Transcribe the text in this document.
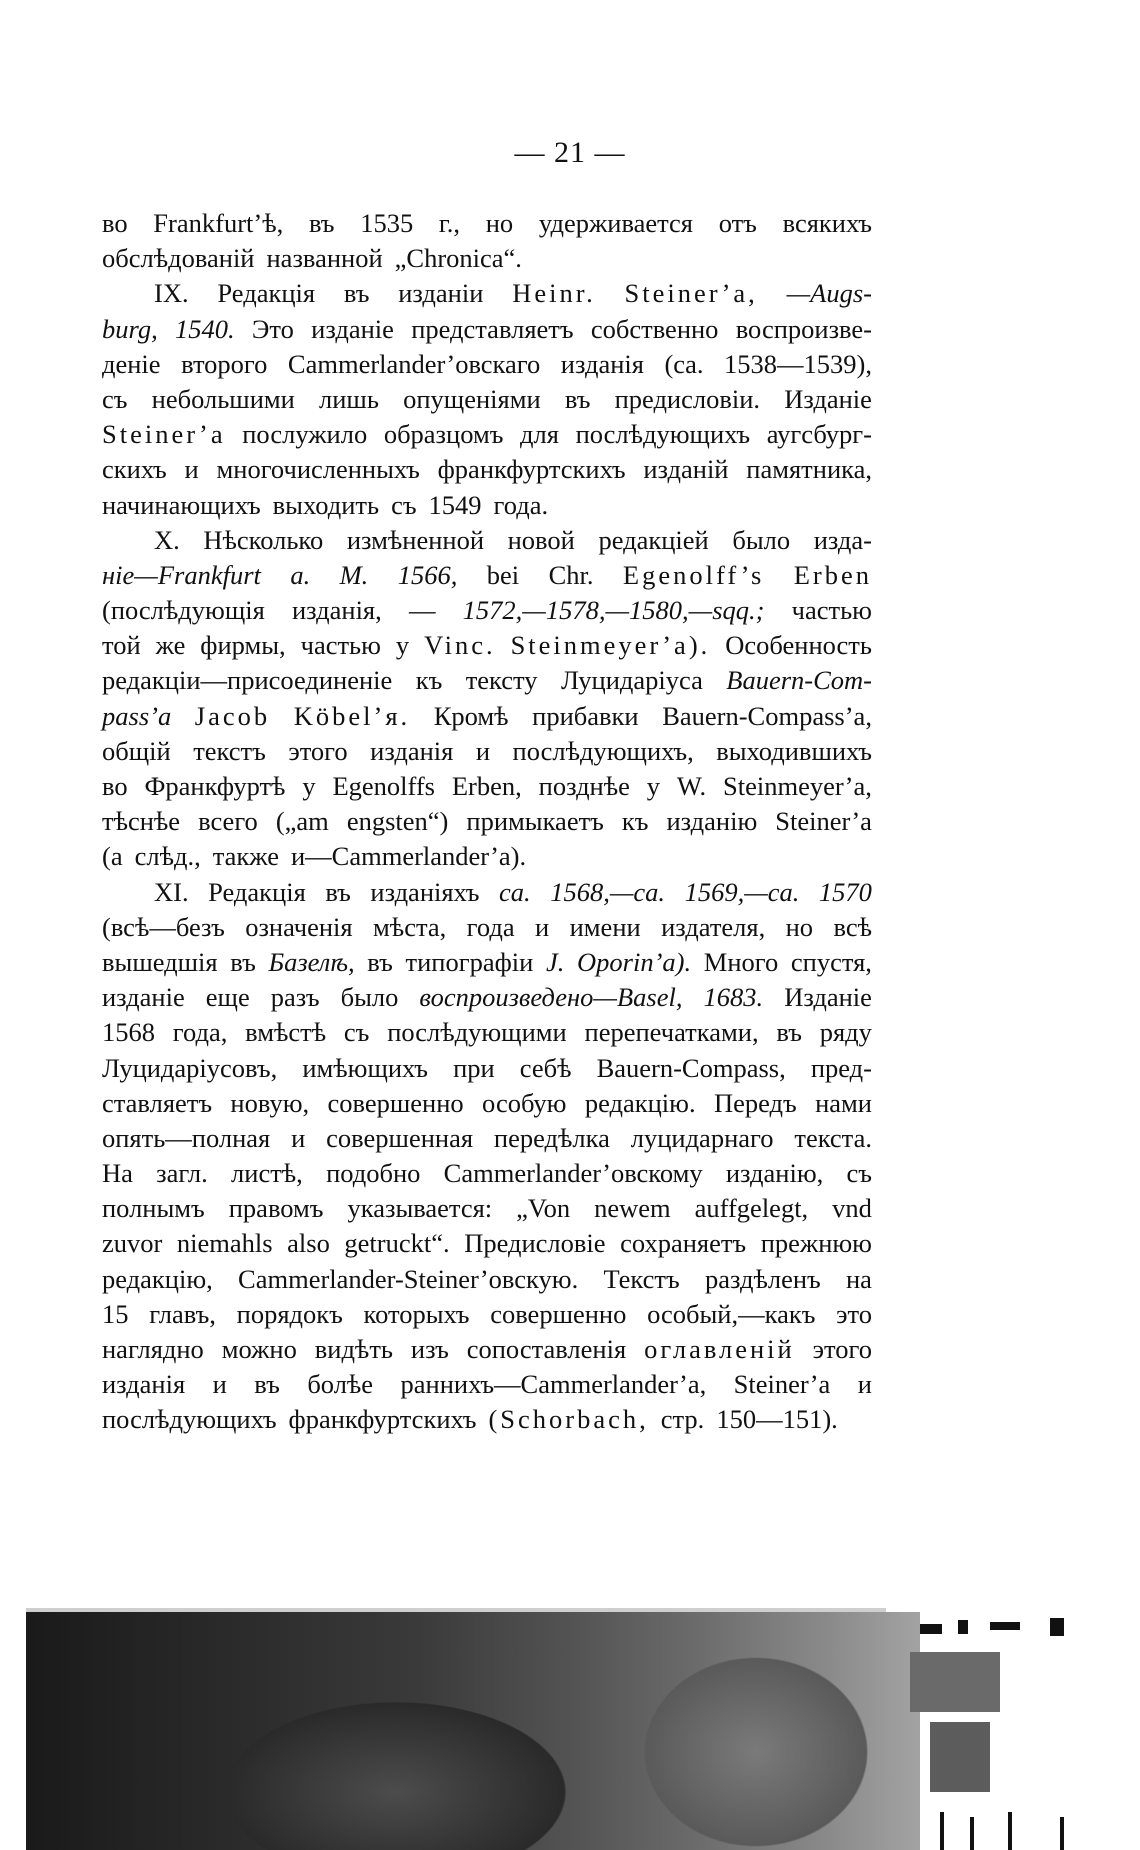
— 21 —
во Frankfurt’ѣ, въ 1535 г., но удерживается отъ всякихъ
обслѣдованій названной „Chronica“.
IX. Редакція въ изданіи Heinr. Steiner’а, —Augs-
burg, 1540. Это изданіе представляетъ собственно воспроизве-
деніе второго Cammerlander’овскаго изданія (ca. 1538—1539),
съ небольшими лишь опущеніями въ предисловіи. Изданіе
Steiner’а послужило образцомъ для послѣдующихъ аугсбург-
скихъ и многочисленныхъ франкфуртскихъ изданій памятника,
начинающихъ выходить съ 1549 года.
X. Нѣсколько измѣненной новой редакціей было изда-
ніе—Frankfurt a. M. 1566, bei Chr. Egenolff’s Erben
(послѣдующія изданія, — 1572,—1578,—1580,—sqq.; частью
той же фирмы, частью у Vinc. Steinmeyer’а). Особенность
редакціи—присоединеніе къ тексту Луцидаріуса Bauern-Com-
pass’а Jacob Köbel’я. Кромѣ прибавки Bauern-Compass’а,
общій текстъ этого изданія и послѣдующихъ, выходившихъ
во Франкфуртѣ у Egenolffs Erben, позднѣе у W. Steinmeyer’а,
тѣснѣе всего („am engsten“) примыкаетъ къ изданію Steiner’а
(а слѣд., также и—Cammerlander’а).
XI. Редакція въ изданіяхъ ca. 1568,—ca. 1569,—ca. 1570
(всѣ—безъ означенія мѣста, года и имени издателя, но всѣ
вышедшія въ Базелѣ, въ типографіи J. Oporin’а). Много спустя,
изданіе еще разъ было воспроизведено—Basel, 1683. Изданіе
1568 года, вмѣстѣ съ послѣдующими перепечатками, въ ряду
Луцидаріусовъ, имѣющихъ при себѣ Bauern-Compass, пред-
ставляетъ новую, совершенно особую редакцію. Передъ нами
опять—полная и совершенная передѣлка луцидарнаго текста.
На загл. листѣ, подобно Cammerlander’овскому изданію, съ
полнымъ правомъ указывается: „Von newem auffgelegt, vnd
zuvor niemahls also getruckt“. Предисловіе сохраняетъ прежнюю
редакцію, Cammerlander-Steiner’овскую. Текстъ раздѣленъ на
15 главъ, порядокъ которыхъ совершенно особый,—какъ это
наглядно можно видѣть изъ сопоставленія оглавленій этого
изданія и въ болѣе раннихъ—Cammerlander’а, Steiner’а и
послѣдующихъ франкфуртскихъ (Schorbach, стр. 150—151).
